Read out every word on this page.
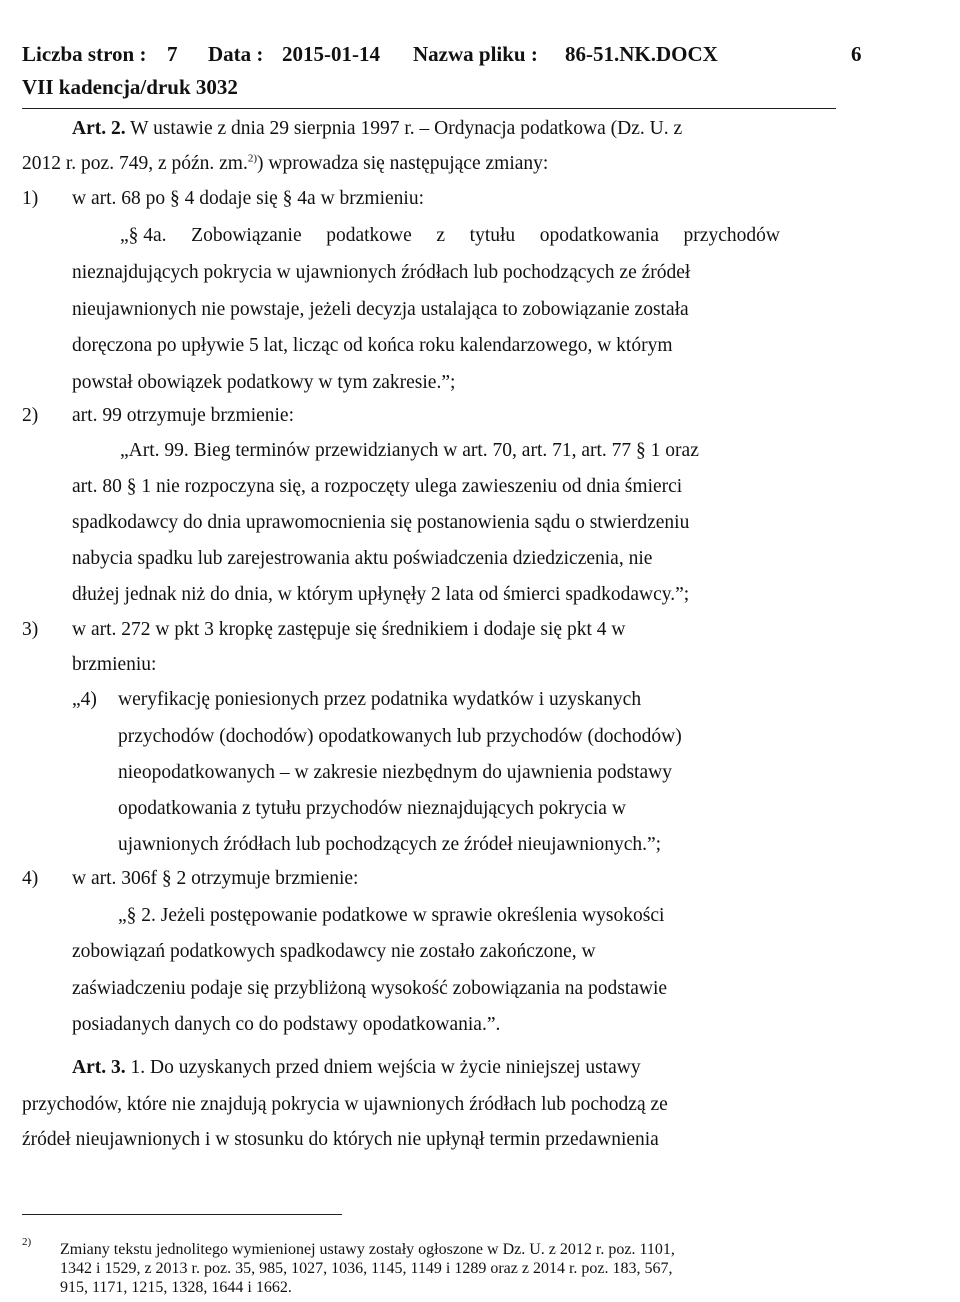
Liczba stron : 7 Data : 2015-01-14 Nazwa pliku : 86-51.NK.DOCX	6
VII kadencja/druk 3032
Art. 2. W ustawie z dnia 29 sierpnia 1997 r. – Ordynacja podatkowa (Dz. U. z
2012 r. poz. 749, z późn. zm.$^{2)}$) wprowadza się następujące zmiany:
1) w art. 68 po § 4 dodaje się § 4a w brzmieniu:
„§ 4a. Zobowiązanie podatkowe z tytułu opodatkowania przychodów
nieznajdujących pokrycia w ujawnionych źródłach lub pochodzących ze źródeł
nieujawnionych nie powstaje, jeżeli decyzja ustalająca to zobowiązanie została
doręczona po upływie 5 lat, licząc od końca roku kalendarzowego, w którym
powstał obowiązek podatkowy w tym zakresie.”;
2) art. 99 otrzymuje brzmienie:
„Art. 99. Bieg terminów przewidzianych w art. 70, art. 71, art. 77 § 1 oraz
art. 80 § 1 nie rozpoczyna się, a rozpoczęty ulega zawieszeniu od dnia śmierci
spadkodawcy do dnia uprawomocnienia się postanowienia sądu o stwierdzeniu
nabycia spadku lub zarejestrowania aktu poświadczenia dziedziczenia, nie
dłużej jednak niż do dnia, w którym upłynęły 2 lata od śmierci spadkodawcy.”;
3) w art. 272 w pkt 3 kropkę zastępuje się średnikiem i dodaje się pkt 4 w
brzmieniu:
„4) weryfikację poniesionych przez podatnika wydatków i uzyskanych
przychodów (dochodów) opodatkowanych lub przychodów (dochodów)
nieopodatkowanych – w zakresie niezbędnym do ujawnienia podstawy
opodatkowania z tytułu przychodów nieznajdujących pokrycia w
ujawnionych źródłach lub pochodzących ze źródeł nieujawnionych.”;
4) w art. 306f § 2 otrzymuje brzmienie:
„§ 2. Jeżeli postępowanie podatkowe w sprawie określenia wysokości
zobowiązań podatkowych spadkodawcy nie zostało zakończone, w
zaświadczeniu podaje się przybliżoną wysokość zobowiązania na podstawie
posiadanych danych co do podstawy opodatkowania.”.
Art. 3. 1. Do uzyskanych przed dniem wejścia w życie niniejszej ustawy
przychodów, które nie znajdują pokrycia w ujawnionych źródłach lub pochodzą ze
źródeł nieujawnionych i w stosunku do których nie upłynął termin przedawnienia
2) Zmiany tekstu jednolitego wymienionej ustawy zostały ogłoszone w Dz. U. z 2012 r. poz. 1101,
1342 i 1529, z 2013 r. poz. 35, 985, 1027, 1036, 1145, 1149 i 1289 oraz z 2014 r. poz. 183, 567,
915, 1171, 1215, 1328, 1644 i 1662.
